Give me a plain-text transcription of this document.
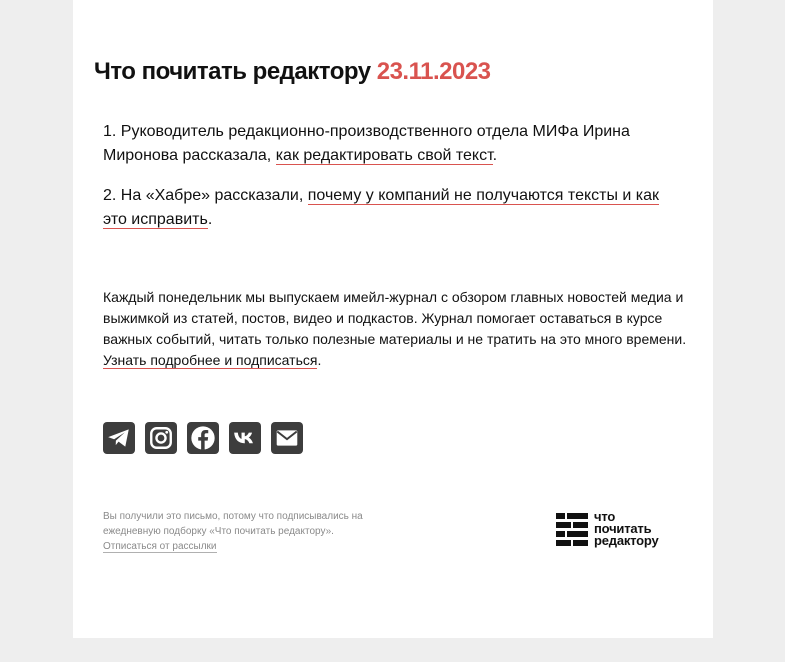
Что почитать редактору 23.11.2023

1. Руководитель редакционно-производственного отдела МИФа Ирина Миронова рассказала, как редактировать свой текст.

2. На «Хабре» рассказали, почему у компаний не получаются тексты и как это исправить.

Каждый понедельник мы выпускаем имейл-журнал с обзором главных новостей медиа и выжимкой из статей, постов, видео и подкастов. Журнал помогает оставаться в курсе важных событий, читать только полезные материалы и не тратить на это много времени. Узнать подробнее и подписаться.

Вы получили это письмо, потому что подписывались на ежедневную подборку «Что почитать редактору».
Отписаться от рассылки

что
почитать
редактору
